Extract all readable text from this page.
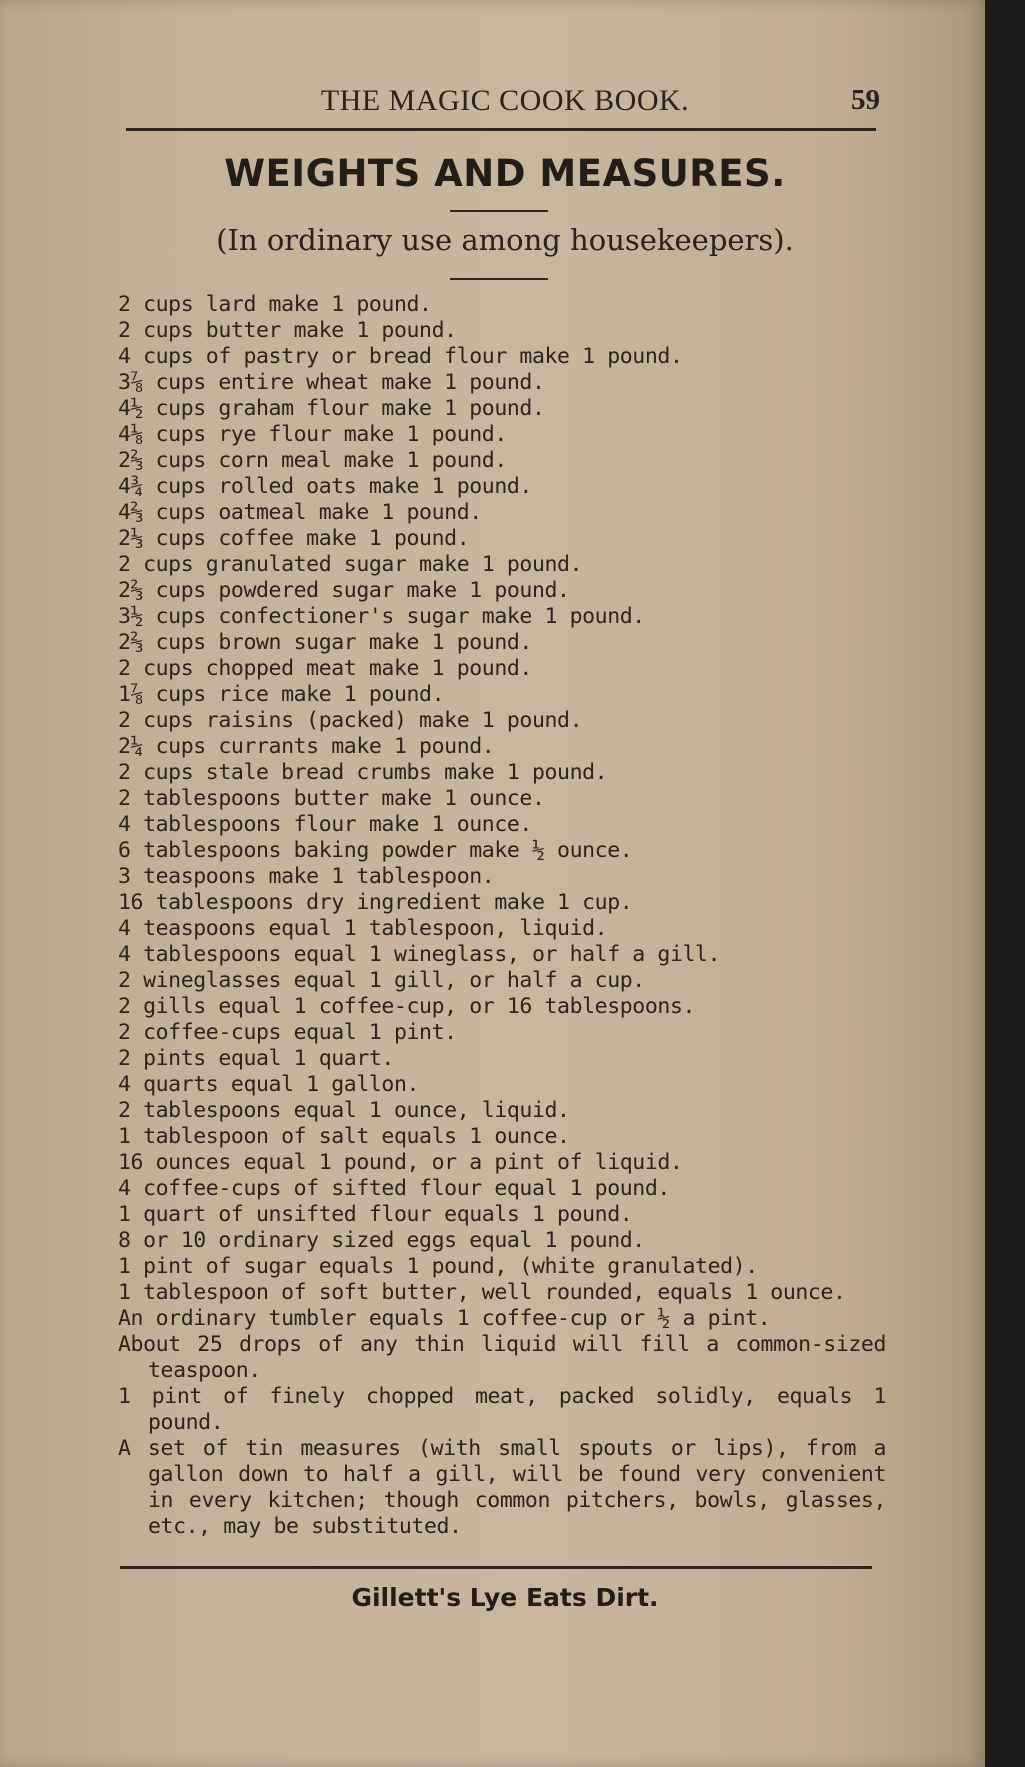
THE MAGIC COOK BOOK.	59
WEIGHTS AND MEASURES.
(In ordinary use among housekeepers).
2 cups lard make 1 pound.
2 cups butter make 1 pound.
4 cups of pastry or bread flour make 1 pound.
3⅞ cups entire wheat make 1 pound.
4½ cups graham flour make 1 pound.
4⅛ cups rye flour make 1 pound.
2⅔ cups corn meal make 1 pound.
4¾ cups rolled oats make 1 pound.
4⅔ cups oatmeal make 1 pound.
2⅓ cups coffee make 1 pound.
2 cups granulated sugar make 1 pound.
2⅔ cups powdered sugar make 1 pound.
3½ cups confectioner's sugar make 1 pound.
2⅔ cups brown sugar make 1 pound.
2 cups chopped meat make 1 pound.
1⅞ cups rice make 1 pound.
2 cups raisins (packed) make 1 pound.
2¼ cups currants make 1 pound.
2 cups stale bread crumbs make 1 pound.
2 tablespoons butter make 1 ounce.
4 tablespoons flour make 1 ounce.
6 tablespoons baking powder make ½ ounce.
3 teaspoons make 1 tablespoon.
16 tablespoons dry ingredient make 1 cup.
4 teaspoons equal 1 tablespoon, liquid.
4 tablespoons equal 1 wineglass, or half a gill.
2 wineglasses equal 1 gill, or half a cup.
2 gills equal 1 coffee-cup, or 16 tablespoons.
2 coffee-cups equal 1 pint.
2 pints equal 1 quart.
4 quarts equal 1 gallon.
2 tablespoons equal 1 ounce, liquid.
1 tablespoon of salt equals 1 ounce.
16 ounces equal 1 pound, or a pint of liquid.
4 coffee-cups of sifted flour equal 1 pound.
1 quart of unsifted flour equals 1 pound.
8 or 10 ordinary sized eggs equal 1 pound.
1 pint of sugar equals 1 pound, (white granulated).
1 tablespoon of soft butter, well rounded, equals 1 ounce.
An ordinary tumbler equals 1 coffee-cup or ½ a pint.
About 25 drops of any thin liquid will fill a common-sized teaspoon.
1 pint of finely chopped meat, packed solidly, equals 1 pound.
A set of tin measures (with small spouts or lips), from a gallon down to half a gill, will be found very convenient in every kitchen; though common pitchers, bowls, glasses, etc., may be substituted.
Gillett's Lye Eats Dirt.
